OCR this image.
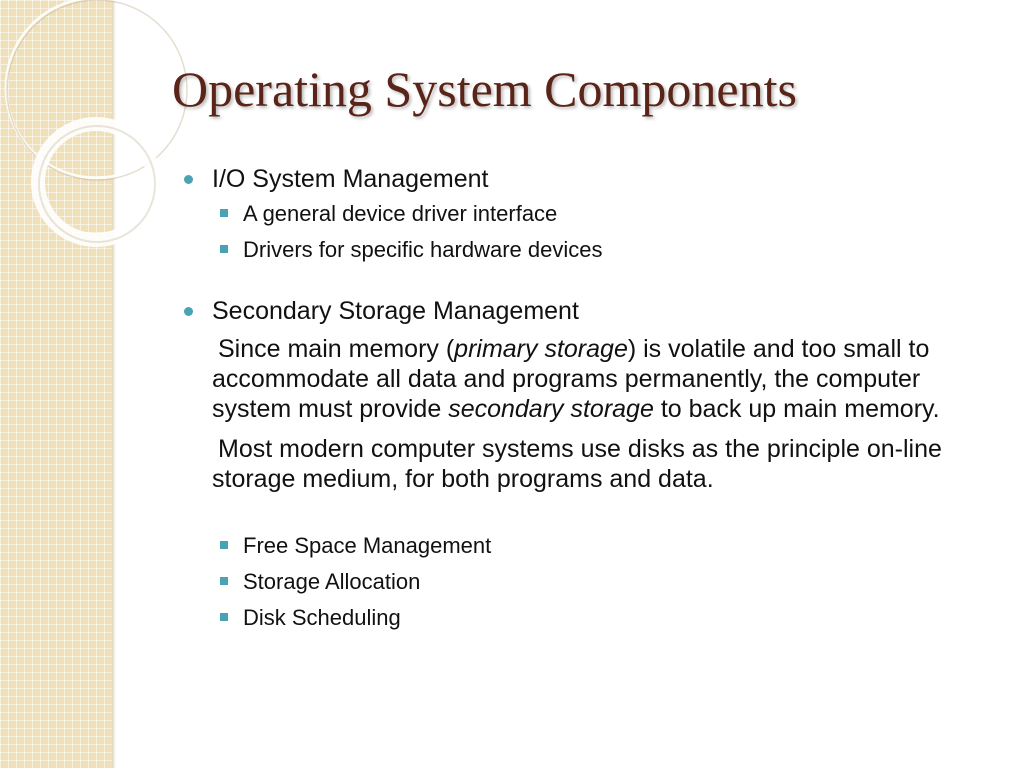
Operating System Components

I/O System Management

A general device driver interface

Drivers for specific hardware devices

Secondary Storage Management

Since main memory (primary storage) is volatile and too small to accommodate all data and programs permanently, the computer system must provide secondary storage to back up main memory.

Most modern computer systems use disks as the principle on-line storage medium, for both programs and data.

Free Space Management

Storage Allocation

Disk Scheduling
